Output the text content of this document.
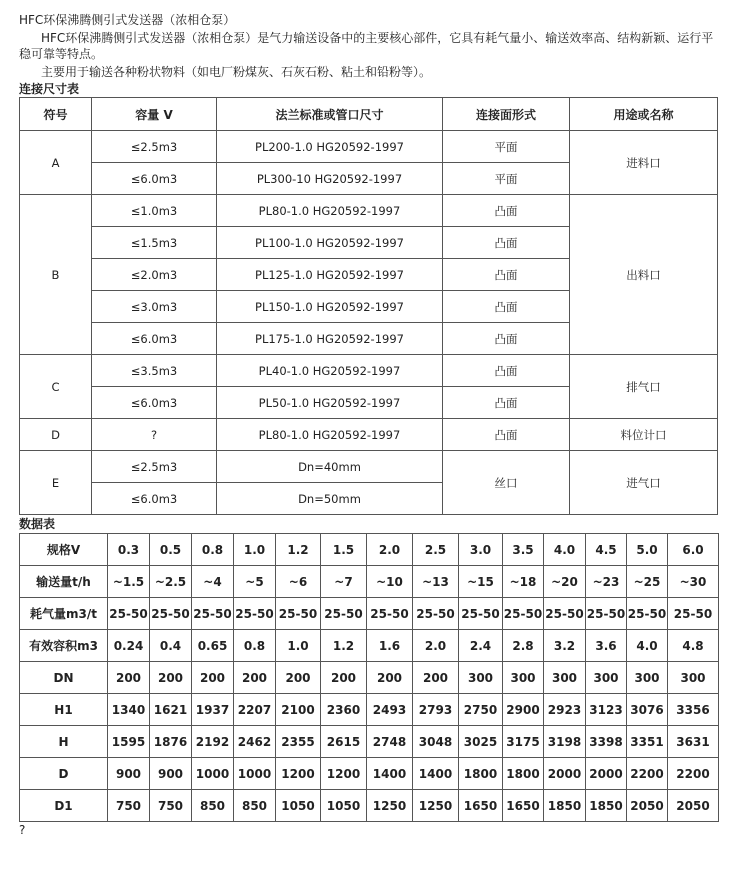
HFC环保沸腾侧引式发送器（浓相仓泵）
HFC环保沸腾侧引式发送器（浓相仓泵）是气力输送设备中的主要核心部件，它具有耗气量小、输送效率高、结构新颖、运行平稳可靠等特点。
主要用于输送各种粉状物料（如电厂粉煤灰、石灰石粉、粘土和铅粉等）。
连接尺寸表
符号	容量 V	法兰标准或管口尺寸	连接面形式	用途或名称
A	≤2.5m3	PL200-1.0 HG20592-1997	平面	进料口
	≤6.0m3	PL300-10 HG20592-1997	平面	
B	≤1.0m3	PL80-1.0 HG20592-1997	凸面	出料口
	≤1.5m3	PL100-1.0 HG20592-1997	凸面	
	≤2.0m3	PL125-1.0 HG20592-1997	凸面	
	≤3.0m3	PL150-1.0 HG20592-1997	凸面	
	≤6.0m3	PL175-1.0 HG20592-1997	凸面	
C	≤3.5m3	PL40-1.0 HG20592-1997	凸面	排气口
	≤6.0m3	PL50-1.0 HG20592-1997	凸面	
D	?	PL80-1.0 HG20592-1997	凸面	料位计口
E	≤2.5m3	Dn=40mm	丝口	进气口
	≤6.0m3	Dn=50mm		
数据表
规格V	0.3	0.5	0.8	1.0	1.2	1.5	2.0	2.5	3.0	3.5	4.0	4.5	5.0	6.0
输送量t/h	~1.5	~2.5	~4	~5	~6	~7	~10	~13	~15	~18	~20	~23	~25	~30
耗气量m3/t	25-50	25-50	25-50	25-50	25-50	25-50	25-50	25-50	25-50	25-50	25-50	25-50	25-50	25-50
有效容积m3	0.24	0.4	0.65	0.8	1.0	1.2	1.6	2.0	2.4	2.8	3.2	3.6	4.0	4.8
DN	200	200	200	200	200	200	200	200	300	300	300	300	300	300
H1	1340	1621	1937	2207	2100	2360	2493	2793	2750	2900	2923	3123	3076	3356
H	1595	1876	2192	2462	2355	2615	2748	3048	3025	3175	3198	3398	3351	3631
D	900	900	1000	1000	1200	1200	1400	1400	1800	1800	2000	2000	2200	2200
D1	750	750	850	850	1050	1050	1250	1250	1650	1650	1850	1850	2050	2050
?
